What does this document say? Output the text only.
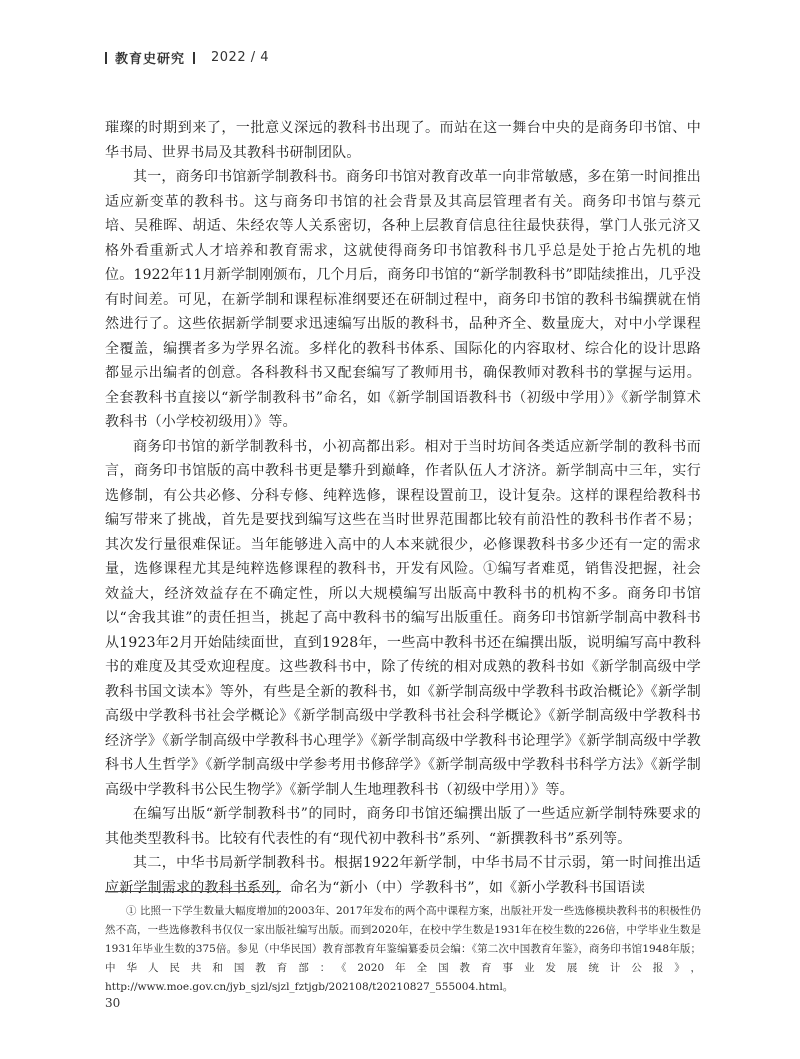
教育史研究 2022 / 4

璀璨的时期到来了，一批意义深远的教科书出现了。而站在这一舞台中央的是商务印书馆、中华书局、世界书局及其教科书研制团队。

其一，商务印书馆新学制教科书。商务印书馆对教育改革一向非常敏感，多在第一时间推出适应新变革的教科书。这与商务印书馆的社会背景及其高层管理者有关。商务印书馆与蔡元培、吴稚晖、胡适、朱经农等人关系密切，各种上层教育信息往往最快获得，掌门人张元济又格外看重新式人才培养和教育需求，这就使得商务印书馆教科书几乎总是处于抢占先机的地位。1922年11月新学制刚颁布，几个月后，商务印书馆的“新学制教科书”即陆续推出，几乎没有时间差。可见，在新学制和课程标准纲要还在研制过程中，商务印书馆的教科书编撰就在悄然进行了。这些依据新学制要求迅速编写出版的教科书，品种齐全、数量庞大，对中小学课程全覆盖，编撰者多为学界名流。多样化的教科书体系、国际化的内容取材、综合化的设计思路都显示出编者的创意。各科教科书又配套编写了教师用书，确保教师对教科书的掌握与运用。全套教科书直接以“新学制教科书”命名，如《新学制国语教科书（初级中学用）》《新学制算术教科书（小学校初级用）》等。

商务印书馆的新学制教科书，小初高都出彩。相对于当时坊间各类适应新学制的教科书而言，商务印书馆版的高中教科书更是攀升到巅峰，作者队伍人才济济。新学制高中三年，实行选修制，有公共必修、分科专修、纯粹选修，课程设置前卫，设计复杂。这样的课程给教科书编写带来了挑战，首先是要找到编写这些在当时世界范围都比较有前沿性的教科书作者不易；其次发行量很难保证。当年能够进入高中的人本来就很少，必修课教科书多少还有一定的需求量，选修课程尤其是纯粹选修课程的教科书，开发有风险。①编写者难觅，销售没把握，社会效益大，经济效益存在不确定性，所以大规模编写出版高中教科书的机构不多。商务印书馆以“舍我其谁”的责任担当，挑起了高中教科书的编写出版重任。商务印书馆新学制高中教科书从1923年2月开始陆续面世，直到1928年，一些高中教科书还在编撰出版，说明编写高中教科书的难度及其受欢迎程度。这些教科书中，除了传统的相对成熟的教科书如《新学制高级中学教科书国文读本》等外，有些是全新的教科书，如《新学制高级中学教科书政治概论》《新学制高级中学教科书社会学概论》《新学制高级中学教科书社会科学概论》《新学制高级中学教科书经济学》《新学制高级中学教科书心理学》《新学制高级中学教科书论理学》《新学制高级中学教科书人生哲学》《新学制高级中学参考用书修辞学》《新学制高级中学教科书科学方法》《新学制高级中学教科书公民生物学》《新学制人生地理教科书（初级中学用）》等。

在编写出版“新学制教科书”的同时，商务印书馆还编撰出版了一些适应新学制特殊要求的其他类型教科书。比较有代表性的有“现代初中教科书”系列、“新撰教科书”系列等。

其二，中华书局新学制教科书。根据1922年新学制，中华书局不甘示弱，第一时间推出适应新学制需求的教科书系列，命名为“新小（中）学教科书”，如《新小学教科书国语读

① 比照一下学生数量大幅度增加的2003年、2017年发布的两个高中课程方案，出版社开发一些选修模块教科书的积极性仍然不高，一些选修教科书仅仅一家出版社编写出版。而到2020年，在校中学生数是1931年在校生数的226倍，中学毕业生数是1931年毕业生数的375倍。参见（中华民国）教育部教育年鉴编纂委员会编：《第二次中国教育年鉴》，商务印书馆1948年版；中华人民共和国教育部：《2020年全国教育事业发展统计公报》，http://www.moe.gov.cn/jyb_sjzl/sjzl_fztjgb/202108/t20210827_555004.html。
30
